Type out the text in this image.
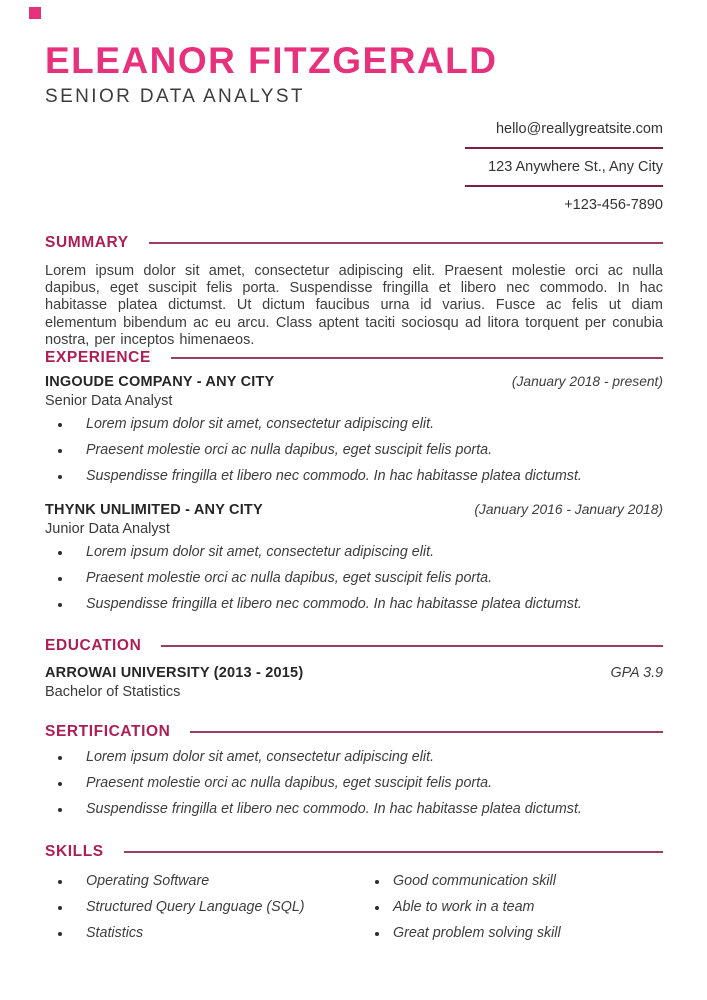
ELEANOR FITZGERALD
SENIOR DATA ANALYST
hello@reallygreatsite.com
123 Anywhere St., Any City
+123-456-7890
SUMMARY

Lorem ipsum dolor sit amet, consectetur adipiscing elit. Praesent molestie orci ac nulla dapibus, eget suscipit felis porta. Suspendisse fringilla et libero nec commodo. In hac habitasse platea dictumst. Ut dictum faucibus urna id varius. Fusce ac felis ut diam elementum bibendum ac eu arcu. Class aptent taciti sociosqu ad litora torquent per conubia nostra, per inceptos himenaeos.

EXPERIENCE
INGOUDE COMPANY - ANY CITY	(January 2018 - present)
Senior Data Analyst
Lorem ipsum dolor sit amet, consectetur adipiscing elit.
Praesent molestie orci ac nulla dapibus, eget suscipit felis porta.
Suspendisse fringilla et libero nec commodo. In hac habitasse platea dictumst.
THYNK UNLIMITED - ANY CITY	(January 2016 - January 2018)
Junior Data Analyst
Lorem ipsum dolor sit amet, consectetur adipiscing elit.
Praesent molestie orci ac nulla dapibus, eget suscipit felis porta.
Suspendisse fringilla et libero nec commodo. In hac habitasse platea dictumst.
EDUCATION
ARROWAI UNIVERSITY (2013 - 2015)	GPA 3.9
Bachelor of Statistics
SERTIFICATION
Lorem ipsum dolor sit amet, consectetur adipiscing elit.
Praesent molestie orci ac nulla dapibus, eget suscipit felis porta.
Suspendisse fringilla et libero nec commodo. In hac habitasse platea dictumst.
SKILLS
Operating Software
Structured Query Language (SQL)
Statistics
Good communication skill
Able to work in a team
Great problem solving skill
